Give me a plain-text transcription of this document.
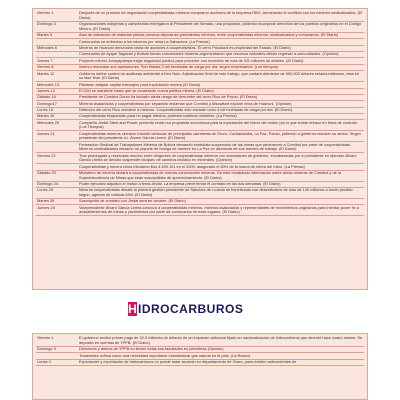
Viernes 1	Después de un proceso de negociación cooperativistas mineros compraron acciones de la empresa RBG, terminando el conflicto con los mineros sindicalizados. (El Diario)
Domingo 3	Organizaciones indígenas y campesinas entregaron al Presidente del Senado, una propuesta, pidiendo incorporar derechos de los pueblos originarios en el Código Minero. (El Diario)
Martes 5	Alza de cotización de materias primas provoca disputa de yacimientos mineros, entre cooperativistas mineros, sindicalizados y comunarios. (El Diario)
	Comunarios se enfrentan a los mineros por mina La Salvadora. (La Prensa)
Miércoles 6	Mineros de Huanuni denuncian venta de acciones a cooperativistas. El cerro Posokoni es propiedad del Estado. (El Diario)
	Comunarios de Ayque Tagacari y Bolivar toman concesiones mineras argumentando que recursos naturales deben regresar a comunidades. (Opinión)
Jueves 7	Proyecto minero Amayapampa exige seguridad jurídica para proceder con inversión de más de 2/5 millones de dólares. (El Diario)
Viernes 8	Inservo reanudan sus operaciones. Son tiradas 3 mil toneladas de carga por día, según empresarios. (Los tiempos)
Martes 12	Gobierno define control de auditoras ambiental a Ken Nolo. Adjudicación final de este trabajo, que costará alrededor de 900.000 dólares estadounidenses, está en su fase final. (El Diario)
Miércoles 13	Plantean adaptar capital extranjero para explotación minera (El Diario)
Jueves 14	El ICM se mantiene hasta que se consensúe nueva política minera. (El Diario)
Sábado 16	Presidente de Comibol Dorso ha iniciado alerta riesgo de derrumbe del cerro Rico de Potosí. (El Diario)
Domingo17	Mineros asalariados y cooperativistas por separado reclaman que Comibol y Afsowitzel explote mina de Huanuni. (Opinión)
Lunes 18	Deterioro del cerro Rico obedece a mineros. Cooperativistas sólo sacarán unos 4 mil toneladas de carga por día. (El Diario)
Martes 19	Cooperativistas bloquearán para no pagar tributos, protesta continúa ministros. (La Prensa)
Miércoles 20	Compañía Jindal Steel and Power presentó recién su propuesta económica para la explotación del hierro del mutún por lo que existe retraso en firma de contrato. (Los Tiempos)
Jueves 21	Cooperativistas mineros cerraron tránsito vehicular de principales carreteras de Oruro, Cochabamba, La Paz, Potosí, pidiendo a gobierno resolver su sector. Sirgen presidente del presidente a.i. Álvaro García Linera. (El Diario)
	Federación Sindical de Trabajadores Mineros de Bolivia demandó inmediata suspensión de las minas que pertenecen a Comibol por parte de cooperativistas. Mineros sindicalizados iniciaron un piquete de huelga de hambre en La Paz en demanda de sus fuentes de trabajo. (El Diario)
Viernes 22	Tras prolongada y reservada reunión entre dirigentes de cooperativistas mineros con autoridades de gobierno, encabezadas por el presidente en ejercicio Álvaro García Linera se decidió suspender bloqueo de caminos iniciado en minerales. (Opinión)
	Cooperativistas y minera china tributaron $us 4.459.101 en el 2005, asegurado el 83% de la marca de cérea del rubro. (La Prensa)
Sábado 23	Ministerio de minería dictará a cooperativistas de nuevas concesiones mineras. De este recabando información sobre áreas mineras de Comibol y de la Superintendencia de Minas que sean susceptibles de aprovechamiento. (El Diario)
Domingo 24	Poder ejecutivo adjudicó el mutún a firma Jindal. La empresa prevé firmar el contrato en las dos semanas. (El Diario)
Lunes 25	Mineros cooperativistas desaté la primera gestión presidente de Sánchez de Lozada se beneficiado con desembolsos de más de 130 millones a fondo perdido según, agenda de noticias AN4. (El Diario)
Martes 26	Suscripción de contrato con Jindal será en octubre. (El Diario)
Jueves 28	Vicepresidente Álvaro García Linera convocó a cooperativistas mineros, mineros asalariados y representantes de movimientos originarios para intentar poner fin a avasallamientos de minas y yacimientos por parte de comunarios de esas lugares. (El Diario)
H IDROCARBUROS
Viernes 1	El gobierno recibió primer pago de 32,3 millones de dólares de un impuesto adicional fijado en nacionalización de hidrocarburos que decretó hace cuatro meses. Se depositó en cuentas de YPFB. (El Diario)
Domingo 3	Directores y ambos de YPFB no tienen todas sus facultades en petroleras (Opinión)
	Transredes cofirsa como una necesidad importante industrializar gas natural en el país. (La Razón)
Lunes 4	Exploración y explotación de hidrocarburos no puede estar acuerdo en departamento de Oruro, pues existen antecedentes de
